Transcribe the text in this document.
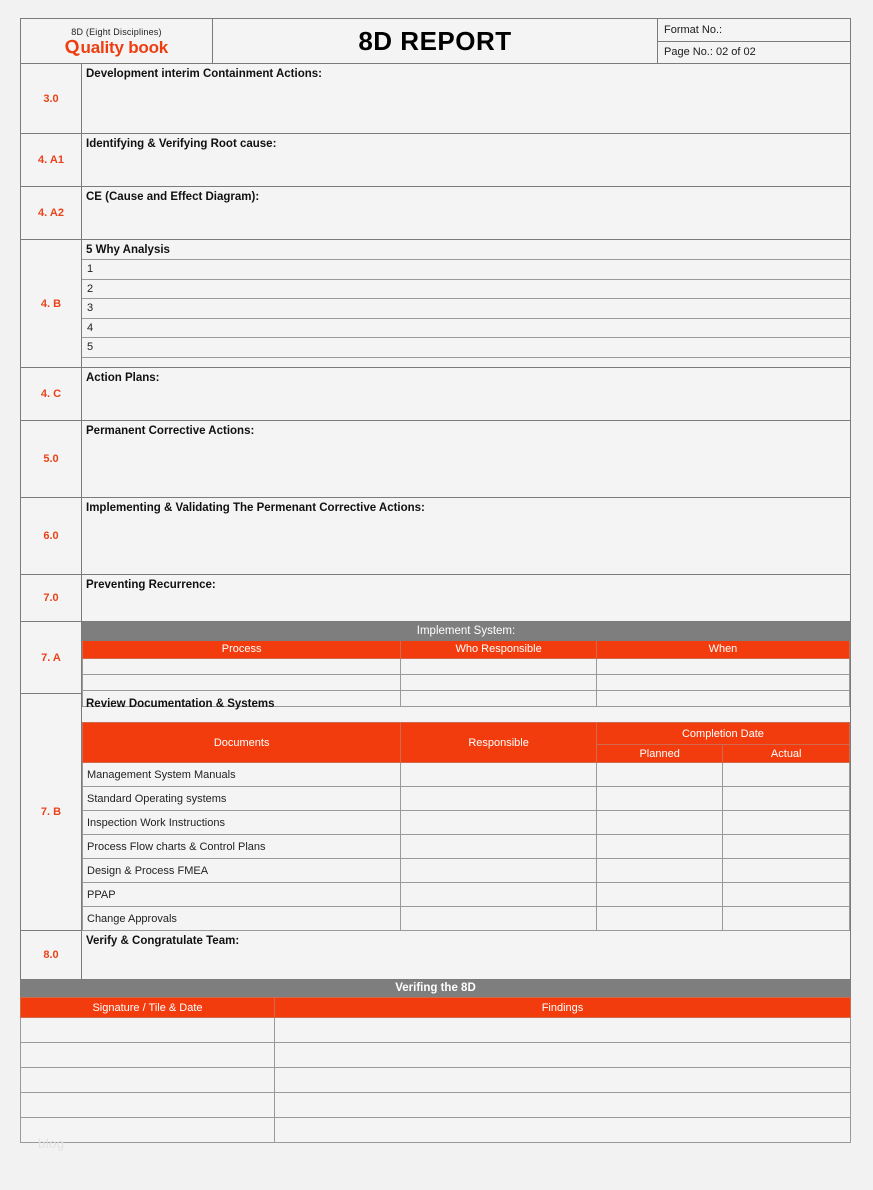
8D (Eight Disciplines)
Q
uality book	8D REPORT	Format No.:
Page No.: 02 of 02
3.0
Development interim Containment Actions:
4. A1
Identifying & Verifying Root cause:
4. A2
CE (Cause and Effect Diagram):
4. B
5 Why Analysis
1
2
3
4
5
4. C
Action Plans:
5.0
Permanent Corrective Actions:
6.0
Implementing & Validating The Permenant Corrective Actions:
7.0
Preventing Recurrence:
7. A
Implement System:		
Process	Who Responsible	When

7. B
Review Documentation & Systems
Documents	Responsible	Completion Date	
		Planned	Actual
Management System Manuals			
Standard Operating systems			
Inspection Work Instructions			
Process Flow charts & Control Plans			
Design & Process FMEA			
PPAP			
Change Approvals			
8.0
Verify & Congratulate Team:
Verifing the 8D
Signature / Tile & Date	Findings

blog
